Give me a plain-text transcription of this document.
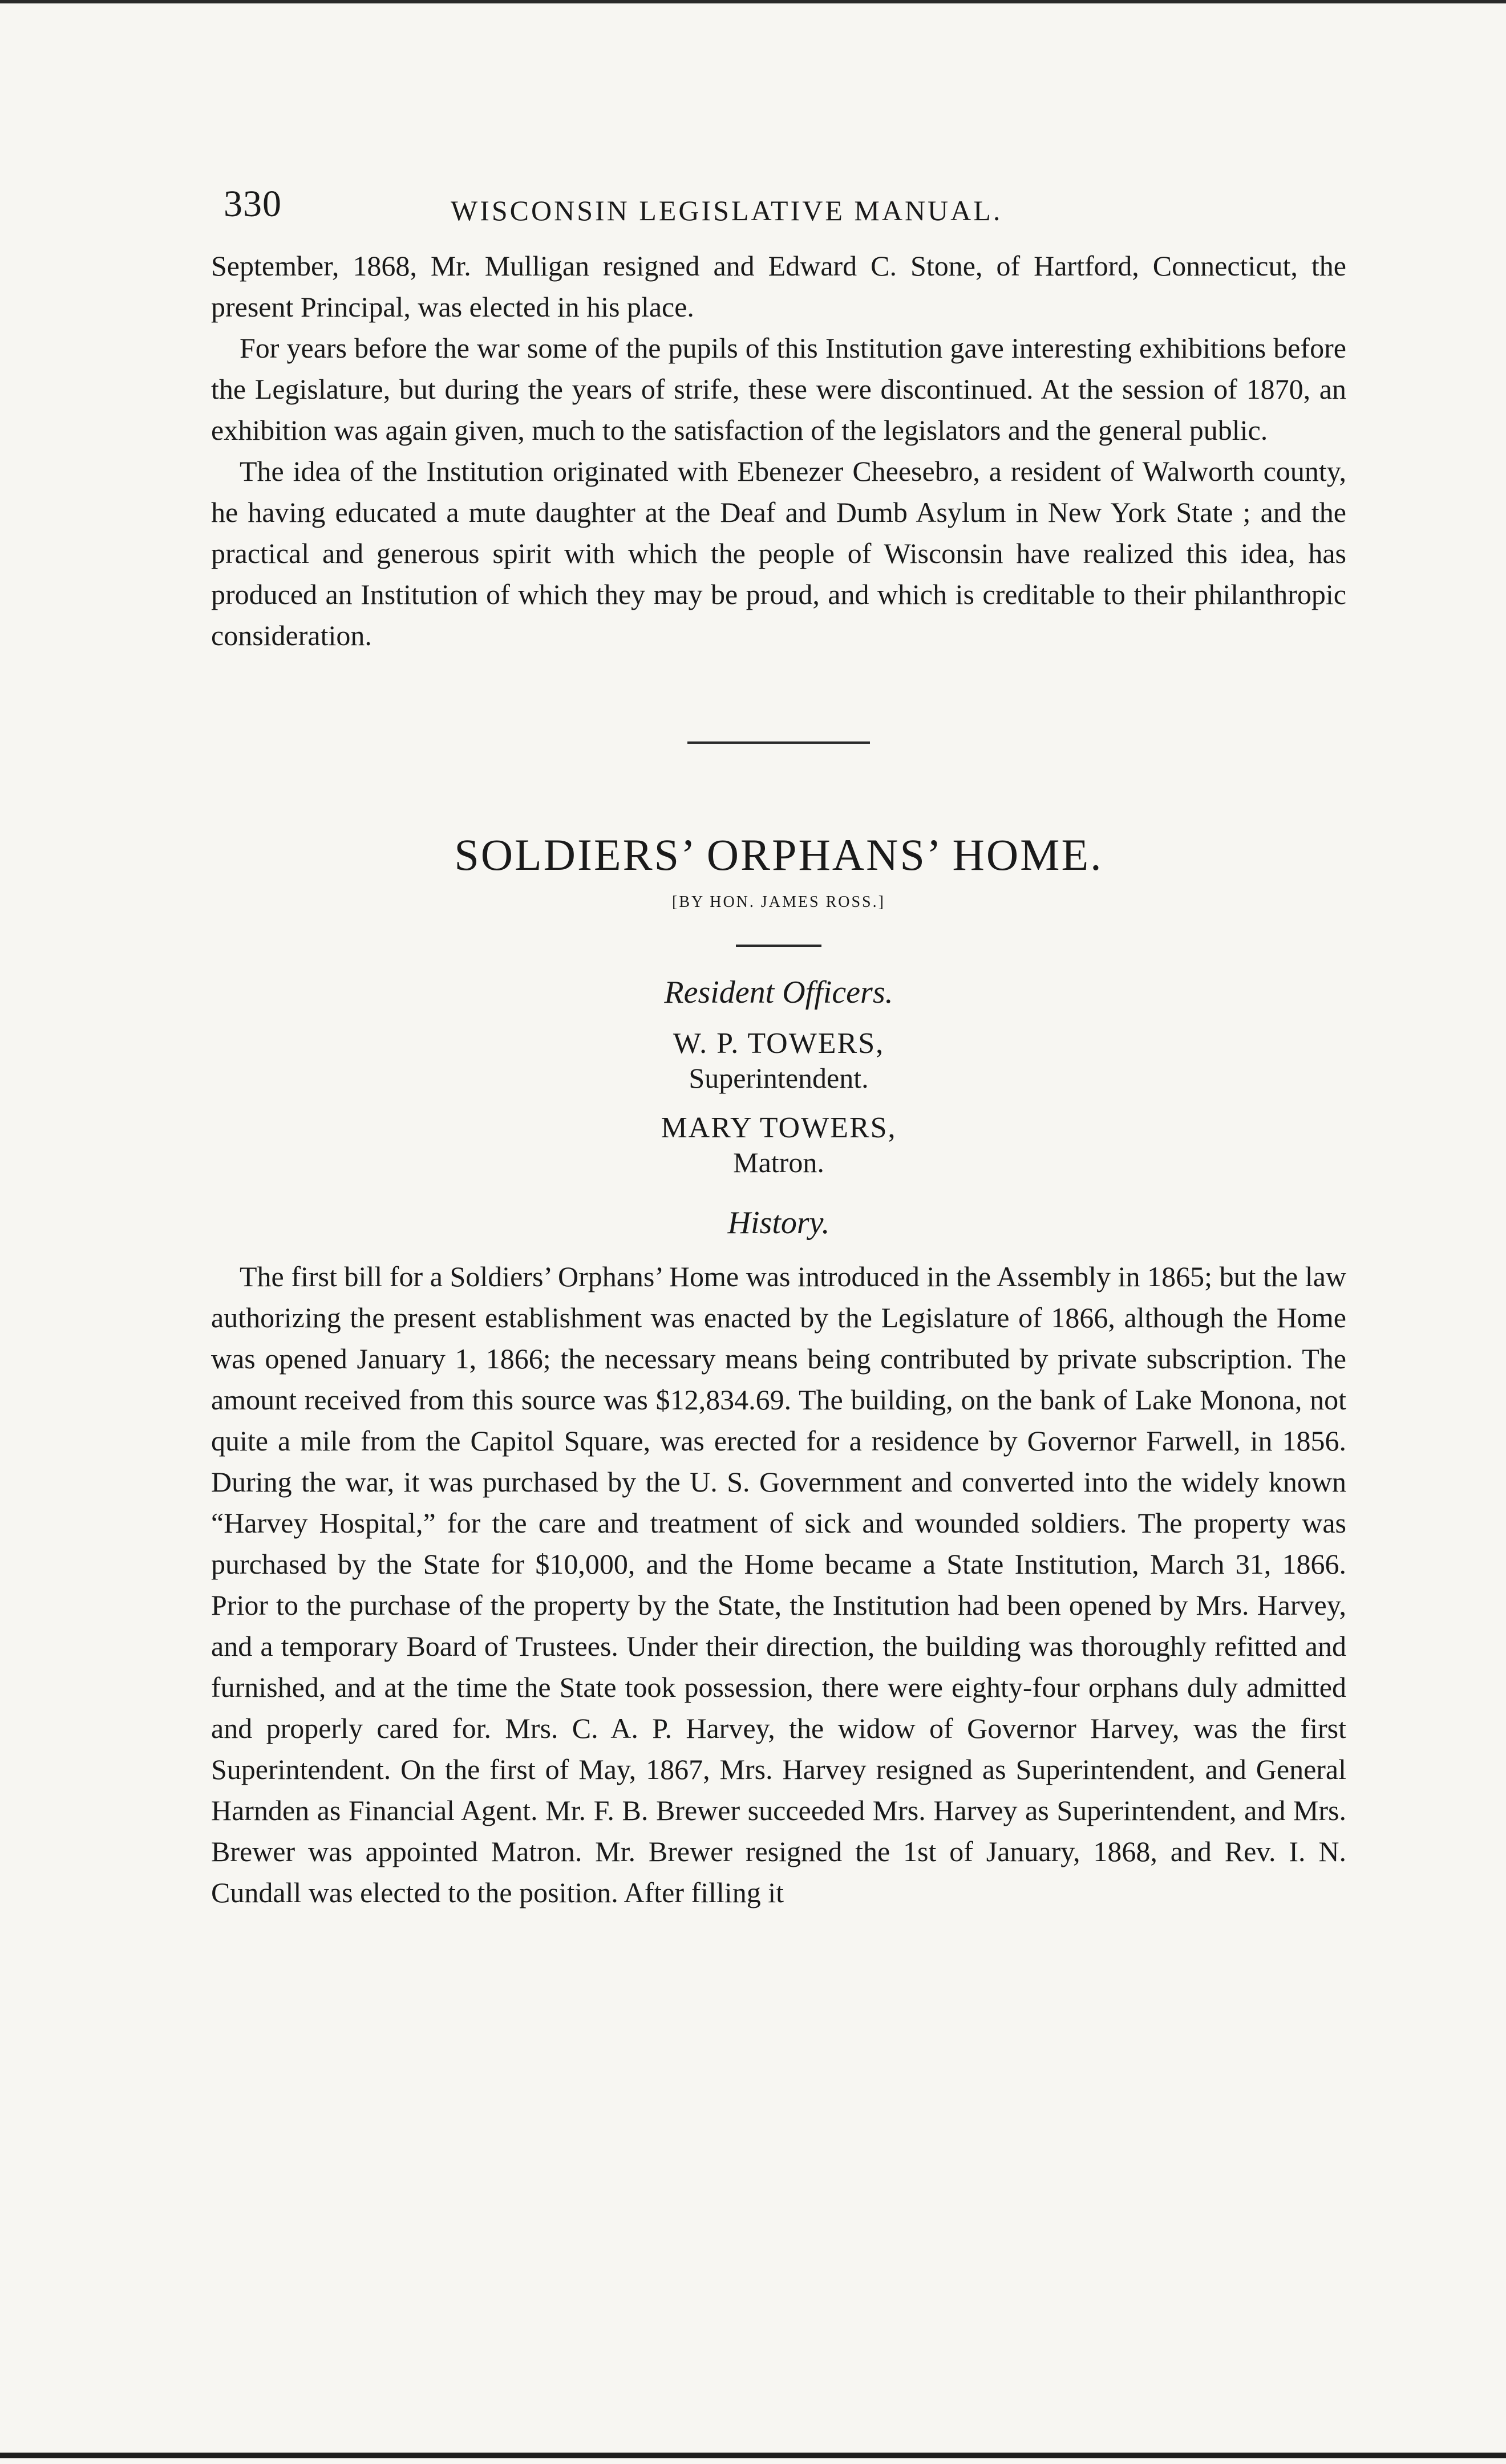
330	WISCONSIN LEGISLATIVE MANUAL.

September, 1868, Mr. Mulligan resigned and Edward C. Stone, of Hartford, Connecticut, the present Principal, was elected in his place.

For years before the war some of the pupils of this Institution gave interesting exhibitions before the Legislature, but during the years of strife, these were discontinued. At the session of 1870, an exhibition was again given, much to the satisfaction of the legislators and the general public.

The idea of the Institution originated with Ebenezer Cheesebro, a resident of Walworth county, he having educated a mute daughter at the Deaf and Dumb Asylum in New York State ; and the practical and generous spirit with which the people of Wisconsin have realized this idea, has produced an Institution of which they may be proud, and which is creditable to their philanthropic consideration.

SOLDIERS’ ORPHANS’ HOME.
[BY HON. JAMES ROSS.]
Resident Officers.
W. P. TOWERS,
Superintendent.
MARY TOWERS,
Matron.
History.

The first bill for a Soldiers’ Orphans’ Home was introduced in the Assembly in 1865; but the law authorizing the present establishment was enacted by the Legislature of 1866, although the Home was opened January 1, 1866; the necessary means being contributed by private subscription. The amount received from this source was $12,834.69. The building, on the bank of Lake Monona, not quite a mile from the Capitol Square, was erected for a residence by Governor Farwell, in 1856. During the war, it was purchased by the U. S. Government and converted into the widely known “Harvey Hospital,” for the care and treatment of sick and wounded soldiers. The property was purchased by the State for $10,000, and the Home became a State Institution, March 31, 1866. Prior to the purchase of the property by the State, the Institution had been opened by Mrs. Harvey, and a temporary Board of Trustees. Under their direction, the building was thoroughly refitted and furnished, and at the time the State took possession, there were eighty-four orphans duly admitted and properly cared for. Mrs. C. A. P. Harvey, the widow of Governor Harvey, was the first Superintendent. On the first of May, 1867, Mrs. Harvey resigned as Superintendent, and General Harnden as Financial Agent. Mr. F. B. Brewer succeeded Mrs. Harvey as Superintendent, and Mrs. Brewer was appointed Matron. Mr. Brewer resigned the 1st of January, 1868, and Rev. I. N. Cundall was elected to the position. After filling it
